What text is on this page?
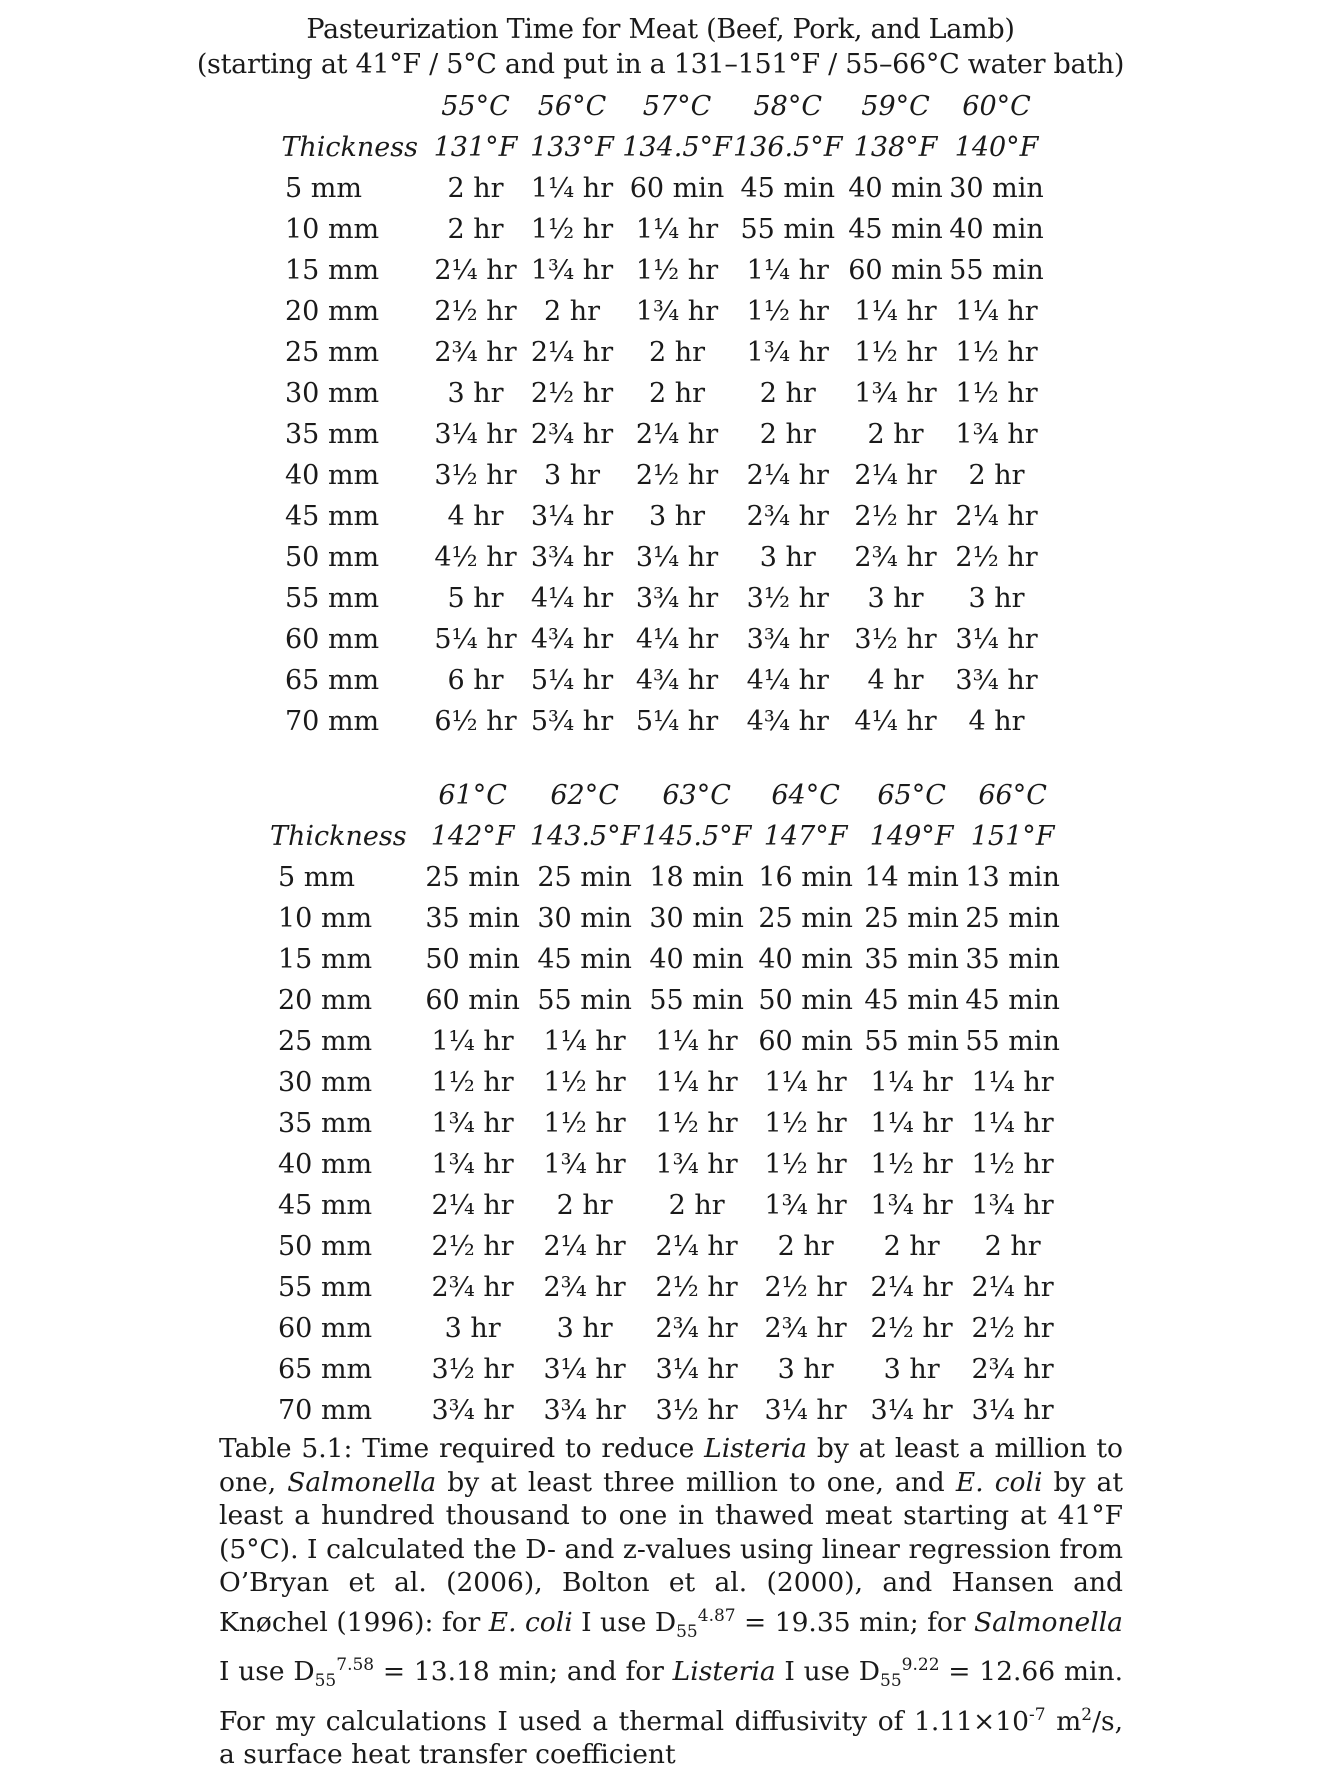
Pasteurization Time for Meat (Beef, Pork, and Lamb)
(starting at 41°F / 5°C and put in a 131–151°F / 55–66°C water bath)
	55°C	56°C	57°C	58°C	59°C	60°C
Thickness	131°F	133°F	134.5°F	136.5°F	138°F	140°F
5 mm	2 hr	1¼ hr	60 min	45 min	40 min	30 min
10 mm	2 hr	1½ hr	1¼ hr	55 min	45 min	40 min
15 mm	2¼ hr	1¾ hr	1½ hr	1¼ hr	60 min	55 min
20 mm	2½ hr	2 hr	1¾ hr	1½ hr	1¼ hr	1¼ hr
25 mm	2¾ hr	2¼ hr	2 hr	1¾ hr	1½ hr	1½ hr
30 mm	3 hr	2½ hr	2 hr	2 hr	1¾ hr	1½ hr
35 mm	3¼ hr	2¾ hr	2¼ hr	2 hr	2 hr	1¾ hr
40 mm	3½ hr	3 hr	2½ hr	2¼ hr	2¼ hr	2 hr
45 mm	4 hr	3¼ hr	3 hr	2¾ hr	2½ hr	2¼ hr
50 mm	4½ hr	3¾ hr	3¼ hr	3 hr	2¾ hr	2½ hr
55 mm	5 hr	4¼ hr	3¾ hr	3½ hr	3 hr	3 hr
60 mm	5¼ hr	4¾ hr	4¼ hr	3¾ hr	3½ hr	3¼ hr
65 mm	6 hr	5¼ hr	4¾ hr	4¼ hr	4 hr	3¾ hr
70 mm	6½ hr	5¾ hr	5¼ hr	4¾ hr	4¼ hr	4 hr
	61°C	62°C	63°C	64°C	65°C	66°C
Thickness	142°F	143.5°F	145.5°F	147°F	149°F	151°F
5 mm	25 min	25 min	18 min	16 min	14 min	13 min
10 mm	35 min	30 min	30 min	25 min	25 min	25 min
15 mm	50 min	45 min	40 min	40 min	35 min	35 min
20 mm	60 min	55 min	55 min	50 min	45 min	45 min
25 mm	1¼ hr	1¼ hr	1¼ hr	60 min	55 min	55 min
30 mm	1½ hr	1½ hr	1¼ hr	1¼ hr	1¼ hr	1¼ hr
35 mm	1¾ hr	1½ hr	1½ hr	1½ hr	1¼ hr	1¼ hr
40 mm	1¾ hr	1¾ hr	1¾ hr	1½ hr	1½ hr	1½ hr
45 mm	2¼ hr	2 hr	2 hr	1¾ hr	1¾ hr	1¾ hr
50 mm	2½ hr	2¼ hr	2¼ hr	2 hr	2 hr	2 hr
55 mm	2¾ hr	2¾ hr	2½ hr	2½ hr	2¼ hr	2¼ hr
60 mm	3 hr	3 hr	2¾ hr	2¾ hr	2½ hr	2½ hr
65 mm	3½ hr	3¼ hr	3¼ hr	3 hr	3 hr	2¾ hr
70 mm	3¾ hr	3¾ hr	3½ hr	3¼ hr	3¼ hr	3¼ hr
Table 5.1: Time required to reduce Listeria by at least a million to one, Salmonella by at least three million to one, and E. coli by at least a hundred thousand to one in thawed meat starting at 41°F (5°C). I calculated the D- and z-values using linear regression from O’Bryan et al. (2006), Bolton et al. (2000), and Hansen and Knøchel (1996): for E. coli I use $D_{55}^{4.87} = 19.35$ min; for Salmonella I use $D_{55}^{7.58} = 13.18$ min; and for Listeria I use $D_{55}^{9.22} = 12.66$ min. For my calculations I used a thermal diffusivity of $1.11\times 10^{-7}$ $m^2/s$, a surface heat transfer coefficient
